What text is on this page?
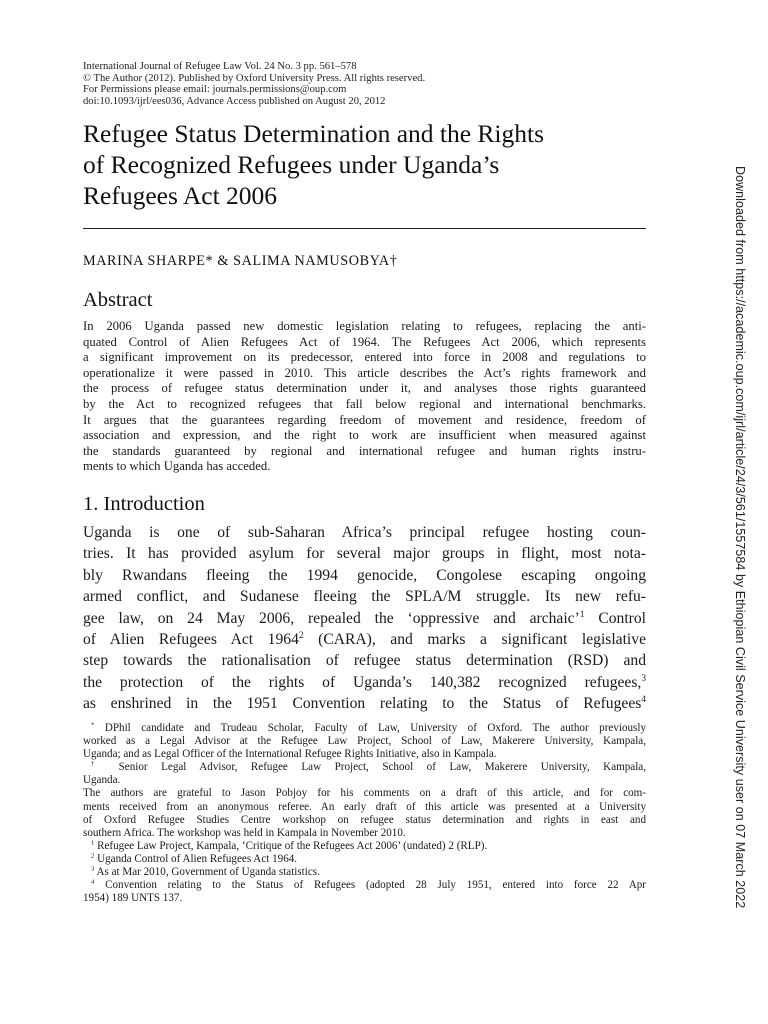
International Journal of Refugee Law Vol. 24 No. 3 pp. 561–578
© The Author (2012). Published by Oxford University Press. All rights reserved.
For Permissions please email: journals.permissions@oup.com
doi:10.1093/ijrl/ees036, Advance Access published on August 20, 2012
Refugee Status Determination and the Rights
of Recognized Refugees under Uganda’s
Refugees Act 2006
MARINA SHARPE* & SALIMA NAMUSOBYA†
Abstract
In 2006 Uganda passed new domestic legislation relating to refugees, replacing the anti-
quated Control of Alien Refugees Act of 1964. The Refugees Act 2006, which represents
a significant improvement on its predecessor, entered into force in 2008 and regulations to
operationalize it were passed in 2010. This article describes the Act’s rights framework and
the process of refugee status determination under it, and analyses those rights guaranteed
by the Act to recognized refugees that fall below regional and international benchmarks.
It argues that the guarantees regarding freedom of movement and residence, freedom of
association and expression, and the right to work are insufficient when measured against
the standards guaranteed by regional and international refugee and human rights instru-
ments to which Uganda has acceded.
1. Introduction
Uganda is one of sub-Saharan Africa’s principal refugee hosting coun-
tries. It has provided asylum for several major groups in flight, most nota-
bly Rwandans fleeing the 1994 genocide, Congolese escaping ongoing
armed conflict, and Sudanese fleeing the SPLA/M struggle. Its new refu-
gee law, on 24 May 2006, repealed the ‘oppressive and archaic’$^1$ Control
of Alien Refugees Act 1964$^2$ (CARA), and marks a significant legislative
step towards the rationalisation of refugee status determination (RSD) and
the protection of the rights of Uganda’s 140,382 recognized refugees,$^3$
as enshrined in the 1951 Convention relating to the Status of Refugees$^4$
* DPhil candidate and Trudeau Scholar, Faculty of Law, University of Oxford. The author previously
worked as a Legal Advisor at the Refugee Law Project, School of Law, Makerere University, Kampala,
Uganda; and as Legal Officer of the International Refugee Rights Initiative, also in Kampala.
† Senior Legal Advisor, Refugee Law Project, School of Law, Makerere University, Kampala,
Uganda.
The authors are grateful to Jason Pobjoy for his comments on a draft of this article, and for com-
ments received from an anonymous referee. An early draft of this article was presented at a University
of Oxford Refugee Studies Centre workshop on refugee status determination and rights in east and
southern Africa. The workshop was held in Kampala in November 2010.
$^1$ Refugee Law Project, Kampala, ‘Critique of the Refugees Act 2006’ (undated) 2 (RLP).
$^2$ Uganda Control of Alien Refugees Act 1964.
$^3$ As at Mar 2010, Government of Uganda statistics.
$^4$ Convention relating to the Status of Refugees (adopted 28 July 1951, entered into force 22 Apr
1954) 189 UNTS 137.	Downloaded from https://academic.oup.com/ijrl/article/24/3/561/1557584 by Ethiopian Civil Service University user on 07 March 2022
